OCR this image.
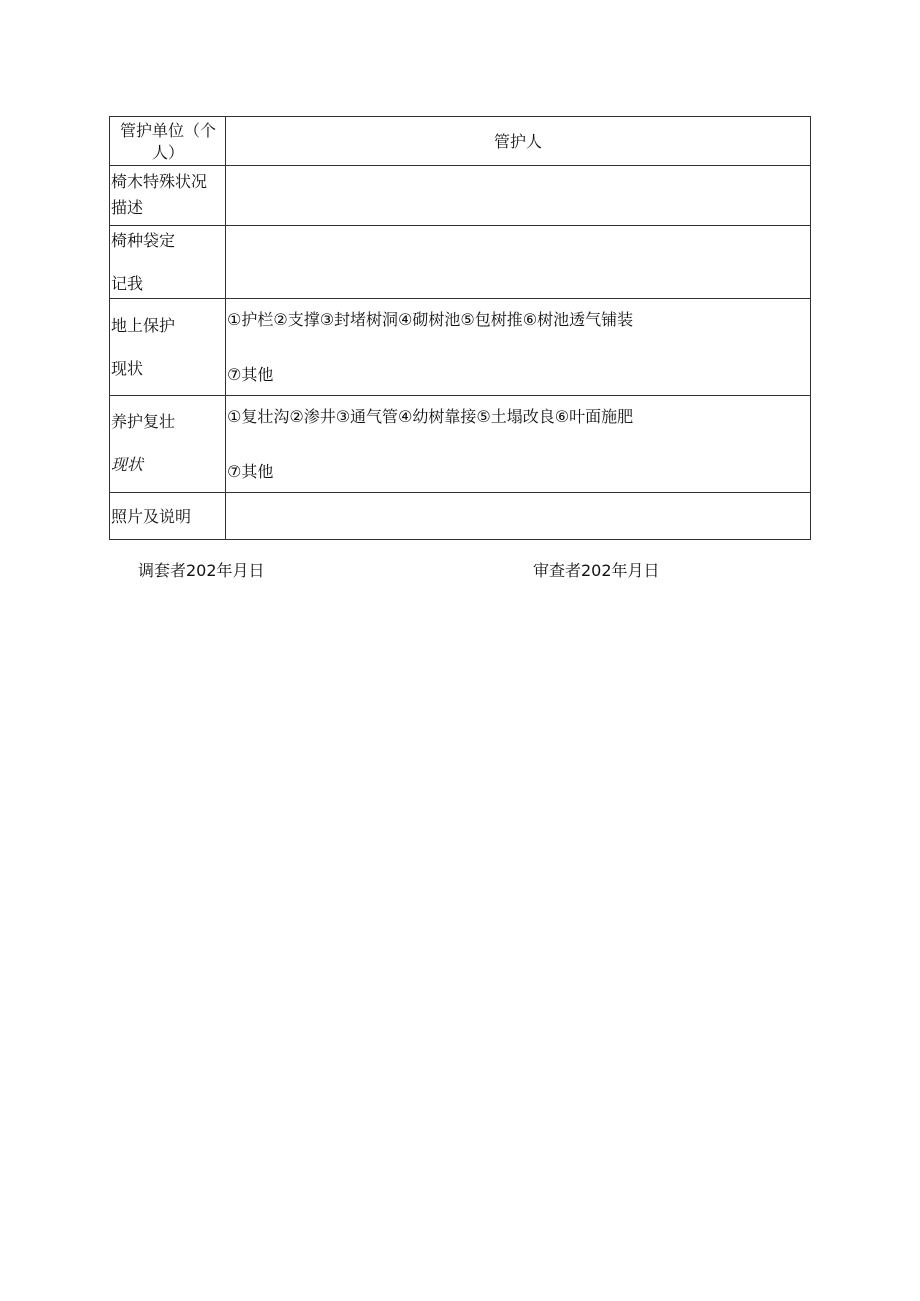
管护单位（个
人）	管护人

椅木特殊状况
描述	

椅种袋定
记我	

地上保护
现状	①护栏②支撑③封堵树洞④砌树池⑤包树推⑥树池透气铺装
⑦其他

养护复壮
现状	①复壮沟②渗井③通气管④幼树靠接⑤土塌改良⑥叶面施肥
⑦其他

照片及说明	

调套者202年月日	审查者202年月日
